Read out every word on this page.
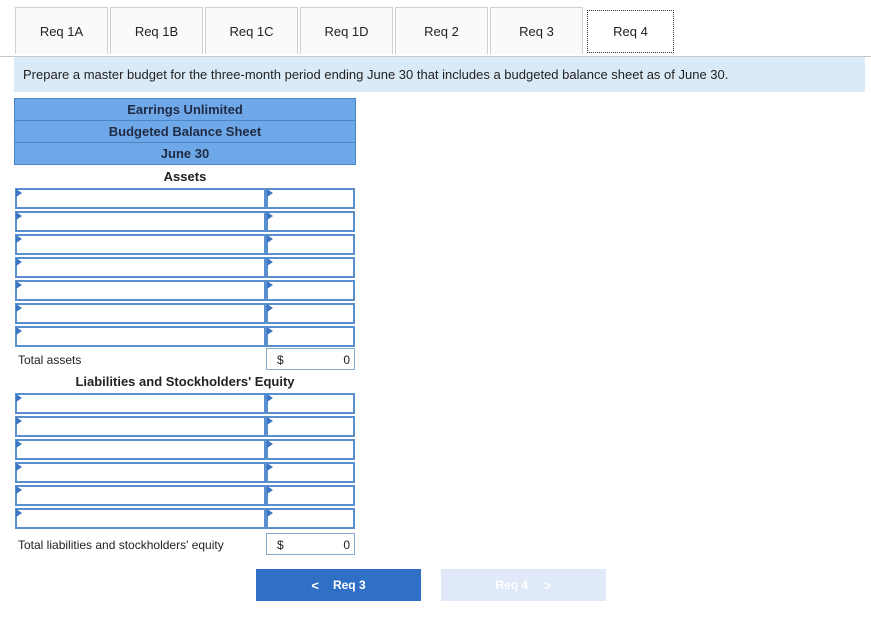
Req 1A	Req 1B	Req 1C	Req 1D	Req 2	Req 3	Req 4
Prepare a master budget for the three-month period ending June 30 that includes a budgeted balance sheet as of June 30.
Earrings Unlimited
Budgeted Balance Sheet
June 30
Assets
Total assets	$	0
Liabilities and Stockholders' Equity
Total liabilities and stockholders' equity	$	0
< Req 3	Req 4 >
